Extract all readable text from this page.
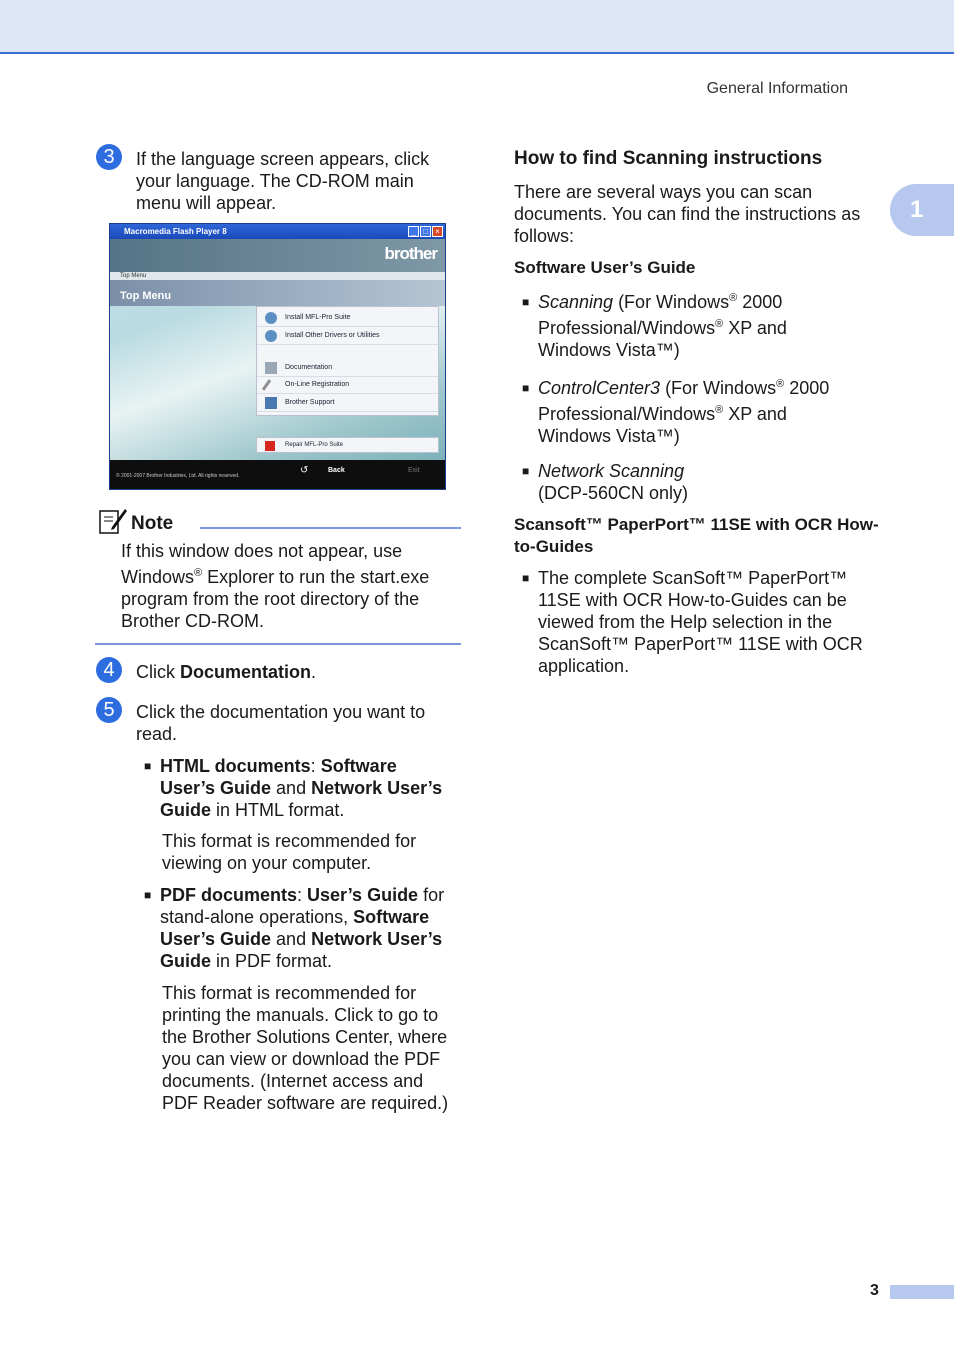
General Information
1
3	If the language screen appears, click your language. The CD-ROM main menu will appear.

Macromedia Flash Player 8	_ □ ×
brother
Top Menu
Top Menu
Install MFL-Pro Suite
Install Other Drivers or Utilities
Documentation
On-Line Registration
Brother Support
Repair MFL-Pro Suite
© 2001-2007 Brother Industries, Ltd. All rights reserved.	↺	Back	Exit
Note

If this window does not appear, use

Windows® Explorer to run the start.exe

program from the root directory of the

Brother CD-ROM.

4	Click Documentation.

5	Click the documentation you want to read.

■ HTML documents: Software User’s Guide and Network User’s Guide in HTML format.

This format is recommended for viewing on your computer.

■ PDF documents: User’s Guide for stand-alone operations, Software User’s Guide and Network User’s Guide in PDF format.

This format is recommended for printing the manuals. Click to go to the Brother Solutions Center, where you can view or download the PDF documents. (Internet access and PDF Reader software are required.)

How to find Scanning instructions

There are several ways you can scan documents. You can find the instructions as follows:

Software User’s Guide
■ Scanning (For Windows® 2000

Professional/Windows® XP and

Windows Vista™)

■ ControlCenter3 (For Windows® 2000

Professional/Windows® XP and

Windows Vista™)

■ Network Scanning

(DCP-560CN only)

Scansoft™ PaperPort™ 11SE with OCR How-to-Guides
■ The complete ScanSoft™ PaperPort™ 11SE with OCR How-to-Guides can be viewed from the Help selection in the ScanSoft™ PaperPort™ 11SE with OCR application.

3
